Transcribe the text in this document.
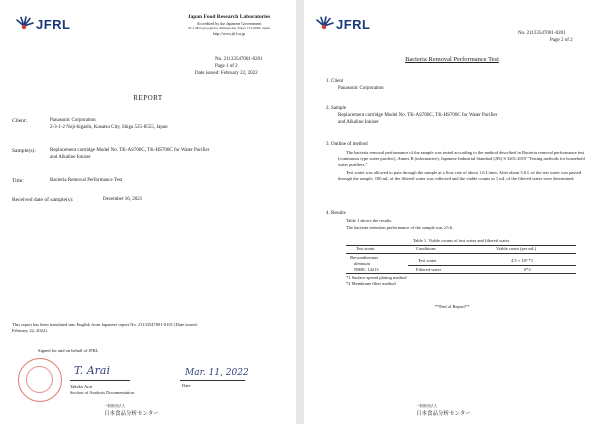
JFRL	Japan Food Research Laboratories
Accredited by the Japanese Government
52-1 Motoyoyogicho, Shibuya-ku, Tokyo 151-0062, Japan
http://www.jfrl.or.jp
No. 21133547001-0201
Page 1 of 2
Date issued: February 22, 2022
REPORT
Client:	Panasonic Corporation
2-3-1-2 Noji-higashi, Kusatsu City, Shiga 525-8555, Japan
Sample(s):	Replacement cartridge Model No. TK-AS700C, TK-HS700C for Water Purifier
and Alkaline Ionizer
Title:	Bacteria Removal Performance Test
Received date of sample(s):	December 16, 2021
This report has been translated into English from Japanese report No. 21133547001-0101 (Date issued:
February 22, 2022).
Signed for and on behalf of JFRL
T. Arai	Mar. 11, 2022
Date
Takeko Arai
Section of Analysis Documentation
一般財団法人
日本食品分析センター
JFRL
No. 21133547001-0201
Page 2 of 2
Bacteria Removal Performance Test
1. Client
Panasonic Corporation
2. Sample
Replacement cartridge Model No. TK-AS700C, TK-HS700C for Water Purifier
and Alkaline Ionizer
3. Outline of method
The bacteria removal performance of the sample was tested according to the method described in Bacteria removal performance test (continuous type water purifier), Annex B (informative), Japanese Industrial Standard (JIS) S 3201:2019 "Testing methods for household water purifiers."
Test water was allowed to pass through the sample at a flow rate of about 1.6 L/min. After about 5.6 L of the test water was passed through the sample, 100 mL of the filtered water was collected and the viable counts in 1 mL of the filtered water were determined.
4. Results
Table 1 shows the results.
The bacteria retention performance of the sample was ≥5.6.
Table 1. Viable counts of test water and filtered water
Test strain	Conditions	Viable count (per mL)
Brevundimonas
diminuta
NBRC 14213
Test water	4.5 × 10⁵ *1
Filtered water	0*2
*1 Surface spread plating method
*2 Membrane filter method
**End of Report**
一般財団法人
日本食品分析センター
